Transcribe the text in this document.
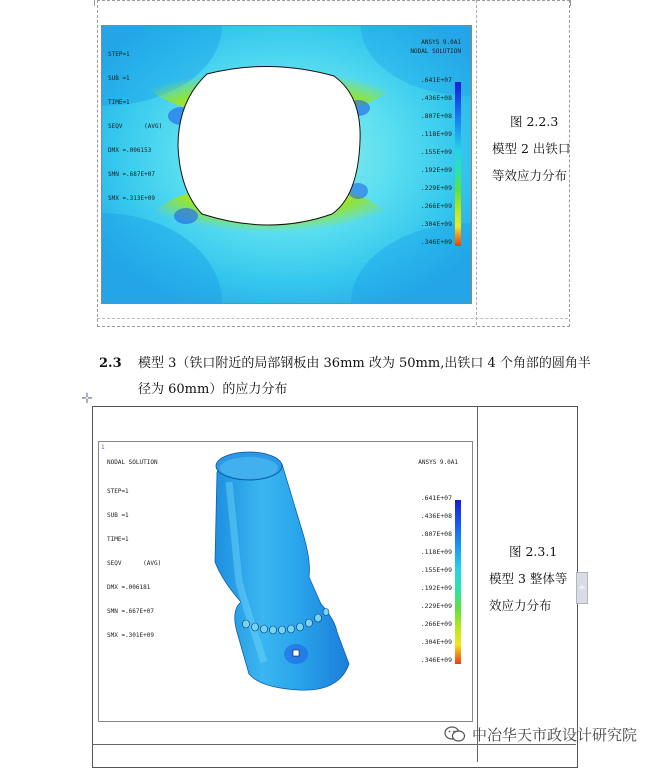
STEP=1

SUB =1

TIME=1

SEQV      (AVG)

DMX =.006153

SMN =.687E+07

SMX =.313E+09

ANSYS 9.0A1
NODAL SOLUTION
.641E+07
.436E+08
.807E+08
.118E+09
.155E+09
.192E+09
.229E+09
.266E+09
.304E+09
.346E+09
图 2.2.3
模型 2 出铁口
等效应力分布
2.3 模型 3（铁口附近的局部钢板由 36mm 改为 50mm,出铁口 4 个角部的圆角半
径为 60mm）的应力分布
✛
+
1
NODAL SOLUTION	ANSYS 9.0A1

STEP=1

SUB =1

TIME=1

SEQV      (AVG)

DMX =.006181

SMN =.667E+07

SMX =.301E+09

.641E+07
.436E+08
.807E+08
.118E+09
.155E+09
.192E+09
.229E+09
.266E+09
.304E+09
.346E+09
图 2.3.1
模型 3 整体等
效应力分布
中冶华天市政设计研究院
